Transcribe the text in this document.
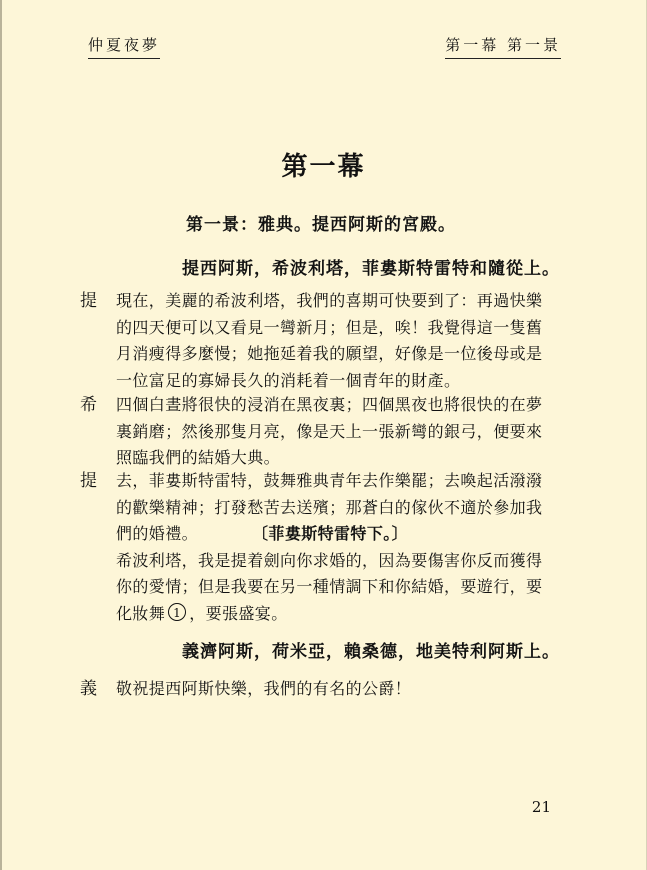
仲夏夜夢	第一幕 第一景
第一幕
第一景：雅典。提西阿斯的宮殿。
提西阿斯，希波利塔，菲婁斯特雷特和隨從上。
提 現在，美麗的希波利塔，我們的喜期可快要到了：再過快樂
的四天便可以又看見一彎新月；但是，唉！我覺得這一隻舊
月消瘦得多麼慢；她拖延着我的願望，好像是一位後母或是
一位富足的寡婦長久的消耗着一個青年的財產。
希 四個白晝將很快的浸消在黑夜裏；四個黑夜也將很快的在夢
裏銷磨；然後那隻月亮，像是天上一張新彎的銀弓，便要來
照臨我們的結婚大典。
提 去，菲婁斯特雷特，鼓舞雅典青年去作樂罷；去喚起活潑潑
的歡樂精神；打發愁苦去送殯；那蒼白的傢伙不適於參加我
們的婚禮。	〔菲婁斯特雷特下。〕
希波利塔，我是提着劍向你求婚的，因為要傷害你反而獲得
你的愛情；但是我要在另一種情調下和你結婚，要遊行，要
化妝舞 1 ，要張盛宴。
義濟阿斯，荷米亞，賴桑德，地美特利阿斯上。
義 敬祝提西阿斯快樂，我們的有名的公爵！
21
